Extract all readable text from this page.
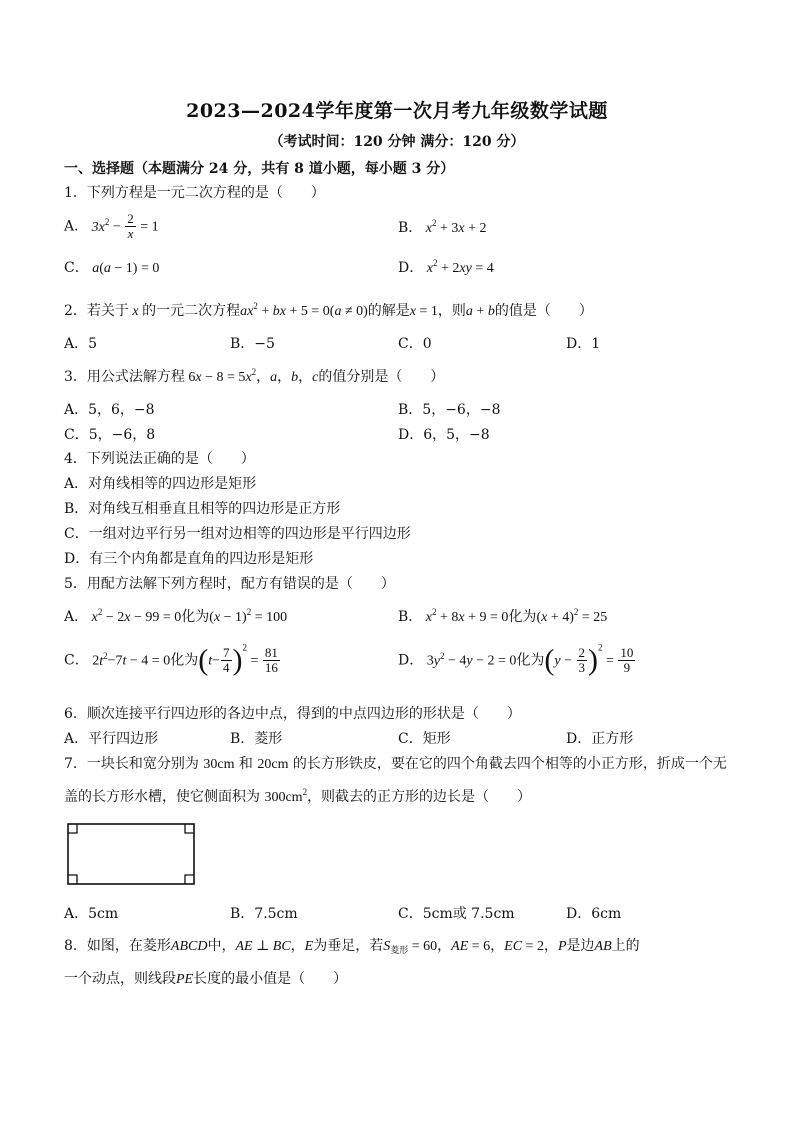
2023—2024学年度第一次月考九年级数学试题
（考试时间：120 分钟 满分：120 分）
一、选择题（本题满分 24 分，共有 8 道小题，每小题 3 分）
1．下列方程是一元二次方程的是（　　）
A． $3x^2 - \frac{2}{x} = 1$	B． $x^2 + 3x + 2$
C． a(a − 1) = 0	D． $x^2 + 2xy = 4$
2．若关于 x 的一元二次方程$ax^2$ + bx + 5 = 0(a ≠ 0)的解是x = 1，则a + b的值是（　　）
A．5	B．−5	C．0	D．1
3．用公式法解方程 $6x - 8 = 5x^2$，a，b，c的值分别是（　　）
A．5，6，−8	B．5，−6，−8
C．5，−6，8	D．6，5，−8
4．下列说法正确的是（　　）
A．对角线相等的四边形是矩形
B．对角线互相垂直且相等的四边形是正方形
C．一组对边平行另一组对边相等的四边形是平行四边形
D．有三个内角都是直角的四边形是矩形
5．用配方法解下列方程时，配方有错误的是（　　）
A． $x^2 - 2x - 99 = 0$化为$(x - 1)^2 = 100$	B． $x^2 + 8x + 9 = 0$化为$(x + 4)^2 = 25$
C． $2t^2-7t - 4 = 0$化为$(t- \frac{7}{4} )^2 = \frac{81}{16}$	D． $3y^2 - 4y - 2 = 0$化为$(y - \frac{2}{3} )^2 = \frac{10}{9}$
6．顺次连接平行四边形的各边中点，得到的中点四边形的形状是（　　）
A．平行四边形	B．菱形	C．矩形	D．正方形
7．一块长和宽分别为 30cm 和 20cm 的长方形铁皮，要在它的四个角截去四个相等的小正方形，折成一个无
盖的长方形水槽，使它侧面积为 $300cm^2$，则截去的正方形的边长是（　　）
A．5cm	B．7.5cm	C．5cm或 7.5cm	D．6cm
8．如图，在菱形ABCD中，AE ⊥ BC，E为垂足，若$S_{菱形} = 60$，AE = 6，EC = 2，P是边AB上的
一个动点，则线段PE长度的最小值是（　　）
